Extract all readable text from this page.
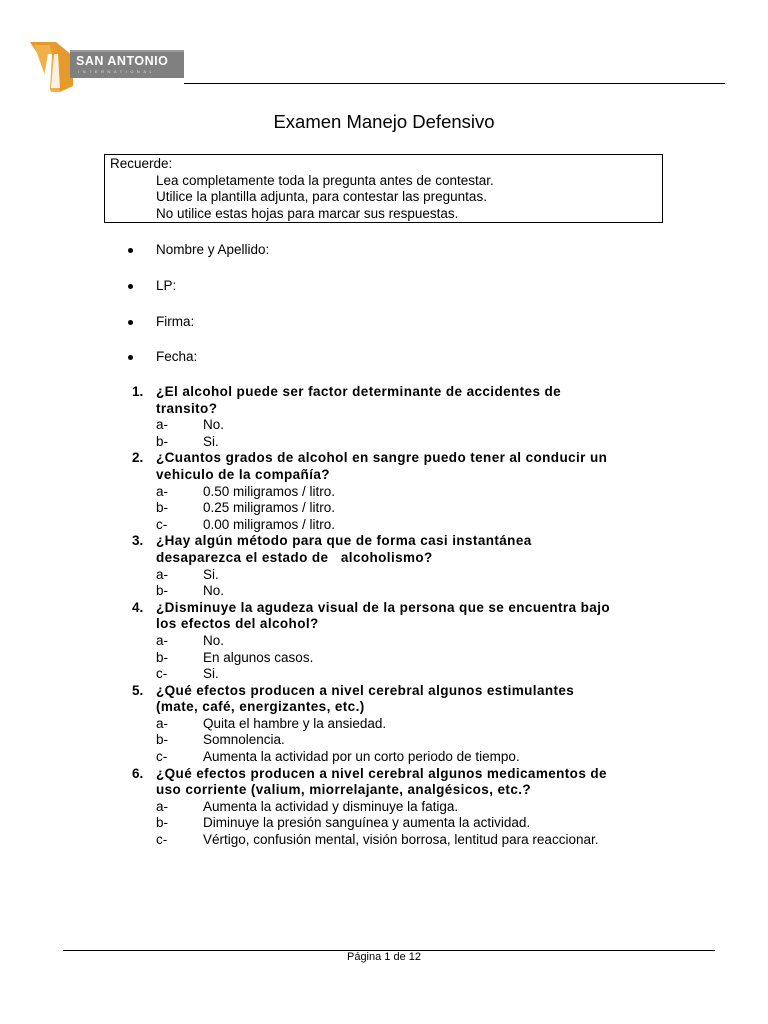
SAN ANTONIO
INTERNATIONAL
Examen Manejo Defensivo
Recuerde:
Lea completamente toda la pregunta antes de contestar.
Utilice la plantilla adjunta, para contestar las preguntas.
No utilice estas hojas para marcar sus respuestas.
Nombre y Apellido:
LP:
Firma:
Fecha:
1. ¿El alcohol puede ser factor determinante de accidentes de
transito?
a-	No.
b-	Si.
2. ¿Cuantos grados de alcohol en sangre puedo tener al conducir un
vehiculo de la compañía?
a-	0.50 miligramos / litro.
b-	0.25 miligramos / litro.
c-	0.00 miligramos / litro.
3. ¿Hay algún método para que de forma casi instantánea
desaparezca el estado de   alcoholismo?
a-	Si.
b-	No.
4. ¿Disminuye la agudeza visual de la persona que se encuentra bajo
los efectos del alcohol?
a-	No.
b-	En algunos casos.
c-	Si.
5. ¿Qué efectos producen a nivel cerebral algunos estimulantes
(mate, café, energizantes, etc.)
a-	Quita el hambre y la ansiedad.
b-	Somnolencia.
c-	Aumenta la actividad por un corto periodo de tiempo.
6. ¿Qué efectos producen a nivel cerebral algunos medicamentos de
uso corriente (valium, miorrelajante, analgésicos, etc.?
a-	Aumenta la actividad y disminuye la fatiga.
b-	Diminuye la presión sanguínea y aumenta la actividad.
c-	Vértigo, confusión mental, visión borrosa, lentitud para reaccionar.
Página 1 de 12
